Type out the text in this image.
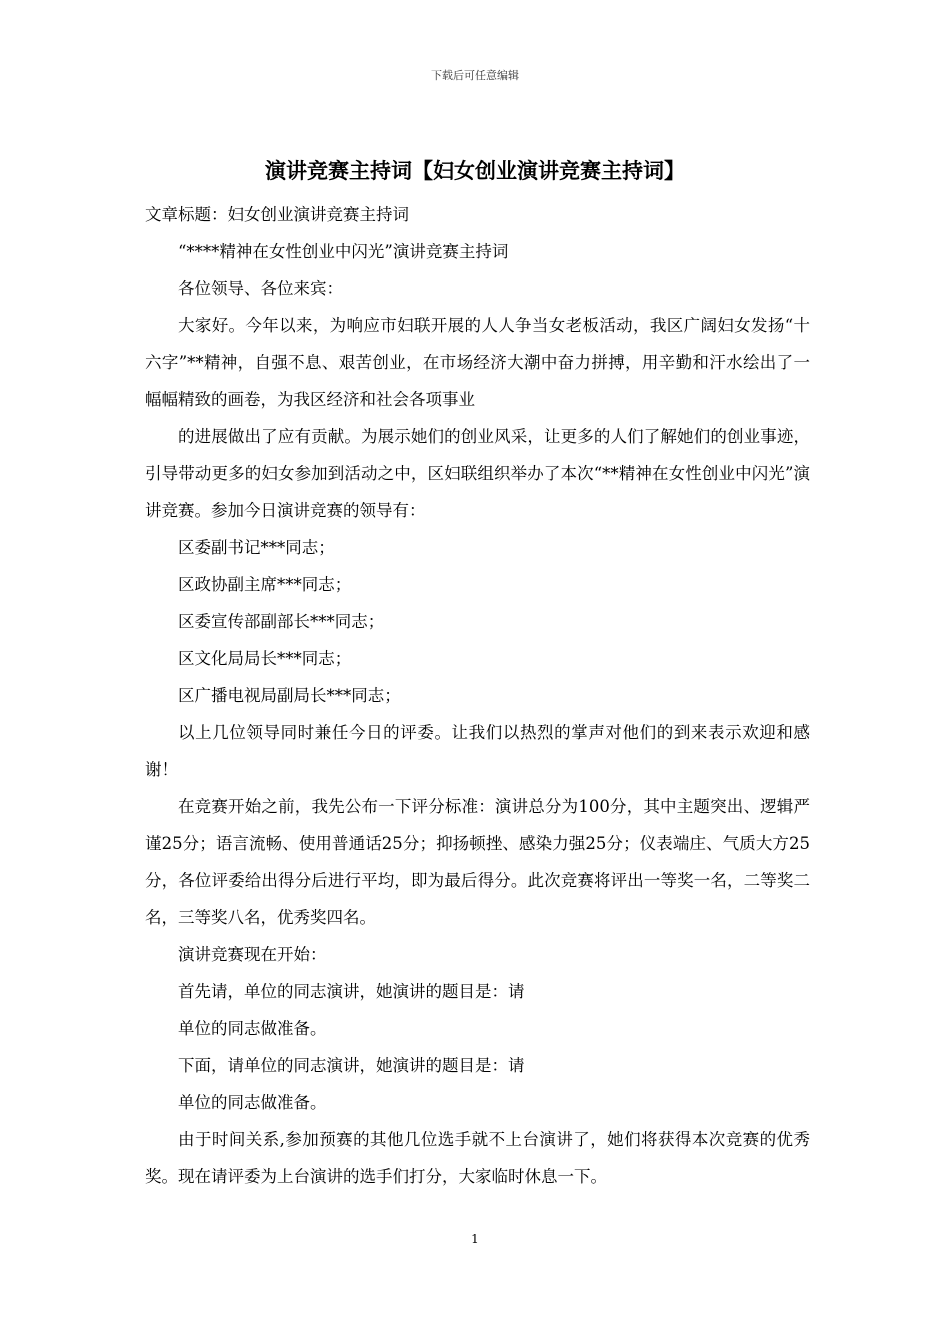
下载后可任意编辑
演讲竞赛主持词【妇女创业演讲竞赛主持词】

文章标题：妇女创业演讲竞赛主持词

“****精神在女性创业中闪光”演讲竞赛主持词

各位领导、各位来宾：

大家好。今年以来，为响应市妇联开展的人人争当女老板活动，我区广阔妇女发扬“十六字”**精神，自强不息、艰苦创业，在市场经济大潮中奋力拼搏，用辛勤和汗水绘出了一幅幅精致的画卷，为我区经济和社会各项事业

的进展做出了应有贡献。为展示她们的创业风采，让更多的人们了解她们的创业事迹，引导带动更多的妇女参加到活动之中，区妇联组织举办了本次“**精神在女性创业中闪光”演讲竞赛。参加今日演讲竞赛的领导有：

区委副书记***同志；

区政协副主席***同志；

区委宣传部副部长***同志；

区文化局局长***同志；

区广播电视局副局长***同志；

以上几位领导同时兼任今日的评委。让我们以热烈的掌声对他们的到来表示欢迎和感谢！

在竞赛开始之前，我先公布一下评分标准：演讲总分为100分，其中主题突出、逻辑严谨25分；语言流畅、使用普通话25分；抑扬顿挫、感染力强25分；仪表端庄、气质大方25分，各位评委给出得分后进行平均，即为最后得分。此次竞赛将评出一等奖一名，二等奖二名，三等奖八名，优秀奖四名。

演讲竞赛现在开始：

首先请，单位的同志演讲，她演讲的题目是：请

单位的同志做准备。

下面，请单位的同志演讲，她演讲的题目是：请

单位的同志做准备。

由于时间关系,参加预赛的其他几位选手就不上台演讲了，她们将获得本次竞赛的优秀奖。现在请评委为上台演讲的选手们打分，大家临时休息一下。

1
